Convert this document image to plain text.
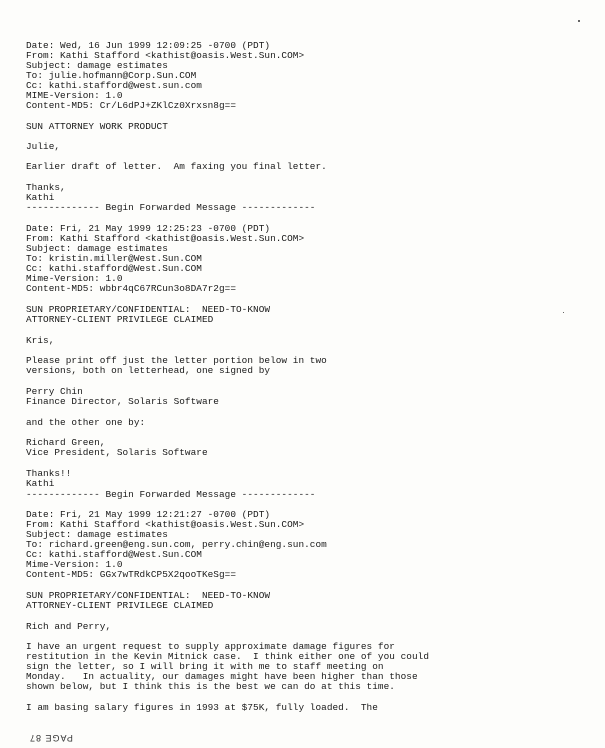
PAGE 87
Date: Wed, 16 Jun 1999 12:09:25 -0700 (PDT)
From: Kathi Stafford <kathist@oasis.West.Sun.COM>
Subject: damage estimates
To: julie.hofmann@Corp.Sun.COM
Cc: kathi.stafford@west.sun.com
MIME-Version: 1.0
Content-MD5: Cr/L6dPJ+ZKlCz0Xrxsn8g==
SUN ATTORNEY WORK PRODUCT
Julie,
Earlier draft of letter.  Am faxing you final letter.
Thanks,
Kathi
------------- Begin Forwarded Message -------------
Date: Fri, 21 May 1999 12:25:23 -0700 (PDT)
From: Kathi Stafford <kathist@oasis.West.Sun.COM>
Subject: damage estimates
To: kristin.miller@West.Sun.COM
Cc: kathi.stafford@West.Sun.COM
Mime-Version: 1.0
Content-MD5: wbbr4qC67RCun3o8DA7r2g==
SUN PROPRIETARY/CONFIDENTIAL:  NEED-TO-KNOW
ATTORNEY-CLIENT PRIVILEGE CLAIMED
Kris,
Please print off just the letter portion below in two
versions, both on letterhead, one signed by
Perry Chin
Finance Director, Solaris Software
and the other one by:
Richard Green,
Vice President, Solaris Software
Thanks!!
Kathi
------------- Begin Forwarded Message -------------
Date: Fri, 21 May 1999 12:21:27 -0700 (PDT)
From: Kathi Stafford <kathist@oasis.West.Sun.COM>
Subject: damage estimates
To: richard.green@eng.sun.com, perry.chin@eng.sun.com
Cc: kathi.stafford@West.Sun.COM
Mime-Version: 1.0
Content-MD5: GGx7wTRdkCP5X2qooTKeSg==
SUN PROPRIETARY/CONFIDENTIAL:  NEED-TO-KNOW
ATTORNEY-CLIENT PRIVILEGE CLAIMED
Rich and Perry,
I have an urgent request to supply approximate damage figures for
restitution in the Kevin Mitnick case.  I think either one of you could
sign the letter, so I will bring it with me to staff meeting on
Monday.   In actuality, our damages might have been higher than those
shown below, but I think this is the best we can do at this time.
I am basing salary figures in 1993 at $75K, fully loaded.  The
